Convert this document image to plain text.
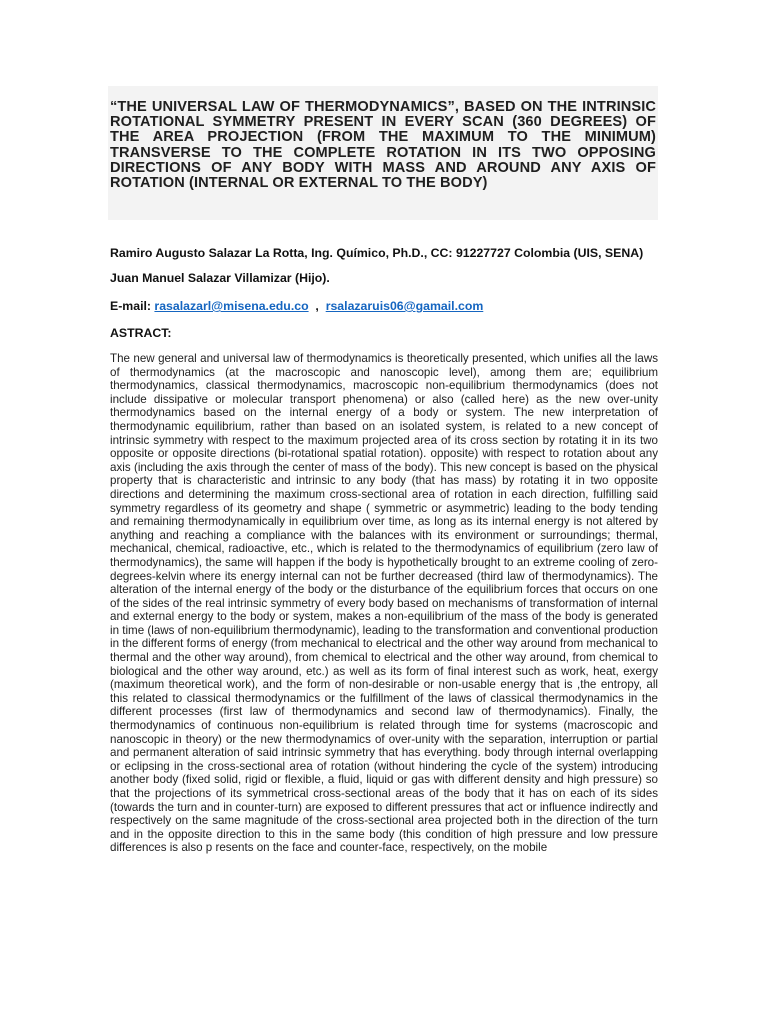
“THE UNIVERSAL LAW OF THERMODYNAMICS”, BASED ON THE INTRINSIC ROTATIONAL SYMMETRY PRESENT IN EVERY SCAN (360 DEGREES) OF THE AREA PROJECTION (FROM THE MAXIMUM TO THE MINIMUM) TRANSVERSE TO THE COMPLETE ROTATION IN ITS TWO OPPOSING DIRECTIONS OF ANY BODY WITH MASS AND AROUND ANY AXIS OF ROTATION (INTERNAL OR EXTERNAL TO THE BODY)

Ramiro Augusto Salazar La Rotta, Ing. Químico, Ph.D., CC: 91227727 Colombia (UIS, SENA)
Juan Manuel Salazar Villamizar (Hijo).
E-mail: rasalazarl@misena.edu.co  ,  rsalazaruis06@gamail.com
ASTRACT:

The new general and universal law of thermodynamics is theoretically presented, which unifies all the laws of thermodynamics (at the macroscopic and nanoscopic level), among them are; equilibrium thermodynamics, classical thermodynamics, macroscopic non-equilibrium thermodynamics (does not include dissipative or molecular transport phenomena) or also (called here) as the new over-unity thermodynamics based on the internal energy of a body or system. The new interpretation of thermodynamic equilibrium, rather than based on an isolated system, is related to a new concept of intrinsic symmetry with respect to the maximum projected area of its cross section by rotating it in its two opposite or opposite directions (bi-rotational spatial rotation). opposite) with respect to rotation about any axis (including the axis through the center of mass of the body). This new concept is based on the physical property that is characteristic and intrinsic to any body (that has mass) by rotating it in two opposite directions and determining the maximum cross-sectional area of rotation in each direction, fulfilling said symmetry regardless of its geometry and shape ( symmetric or asymmetric) leading to the body tending and remaining thermodynamically in equilibrium over time, as long as its internal energy is not altered by anything and reaching a compliance with the balances with its environment or surroundings; thermal, mechanical, chemical, radioactive, etc., which is related to the thermodynamics of equilibrium (zero law of thermodynamics), the same will happen if the body is hypothetically brought to an extreme cooling of zero-degrees-kelvin where its energy internal can not be further decreased (third law of thermodynamics). The alteration of the internal energy of the body or the disturbance of the equilibrium forces that occurs on one of the sides of the real intrinsic symmetry of every body based on mechanisms of transformation of internal and external energy to the body or system, makes a non-equilibrium of the mass of the body is generated in time (laws of non-equilibrium thermodynamic), leading to the transformation and conventional production in the different forms of energy (from mechanical to electrical and the other way around from mechanical to thermal and the other way around), from chemical to electrical and the other way around, from chemical to biological and the other way around, etc.) as well as its form of final interest such as work, heat, exergy (maximum theoretical work), and the form of non-desirable or non-usable energy that is ,the entropy, all this related to classical thermodynamics or the fulfillment of the laws of classical thermodynamics in the different processes (first law of thermodynamics and second law of thermodynamics). Finally, the thermodynamics of continuous non-equilibrium is related through time for systems (macroscopic and nanoscopic in theory) or the new thermodynamics of over-unity with the separation, interruption or partial and permanent alteration of said intrinsic symmetry that has everything. body through internal overlapping or eclipsing in the cross-sectional area of rotation (without hindering the cycle of the system) introducing another body (fixed solid, rigid or flexible, a fluid, liquid or gas with different density and high pressure) so that the projections of its symmetrical cross-sectional areas of the body that it has on each of its sides (towards the turn and in counter-turn) are exposed to different pressures that act or influence indirectly and respectively on the same magnitude of the cross-sectional area projected both in the direction of the turn and in the opposite direction to this in the same body (this condition of high pressure and low pressure differences is also p resents on the face and counter-face, respectively, on the mobile
